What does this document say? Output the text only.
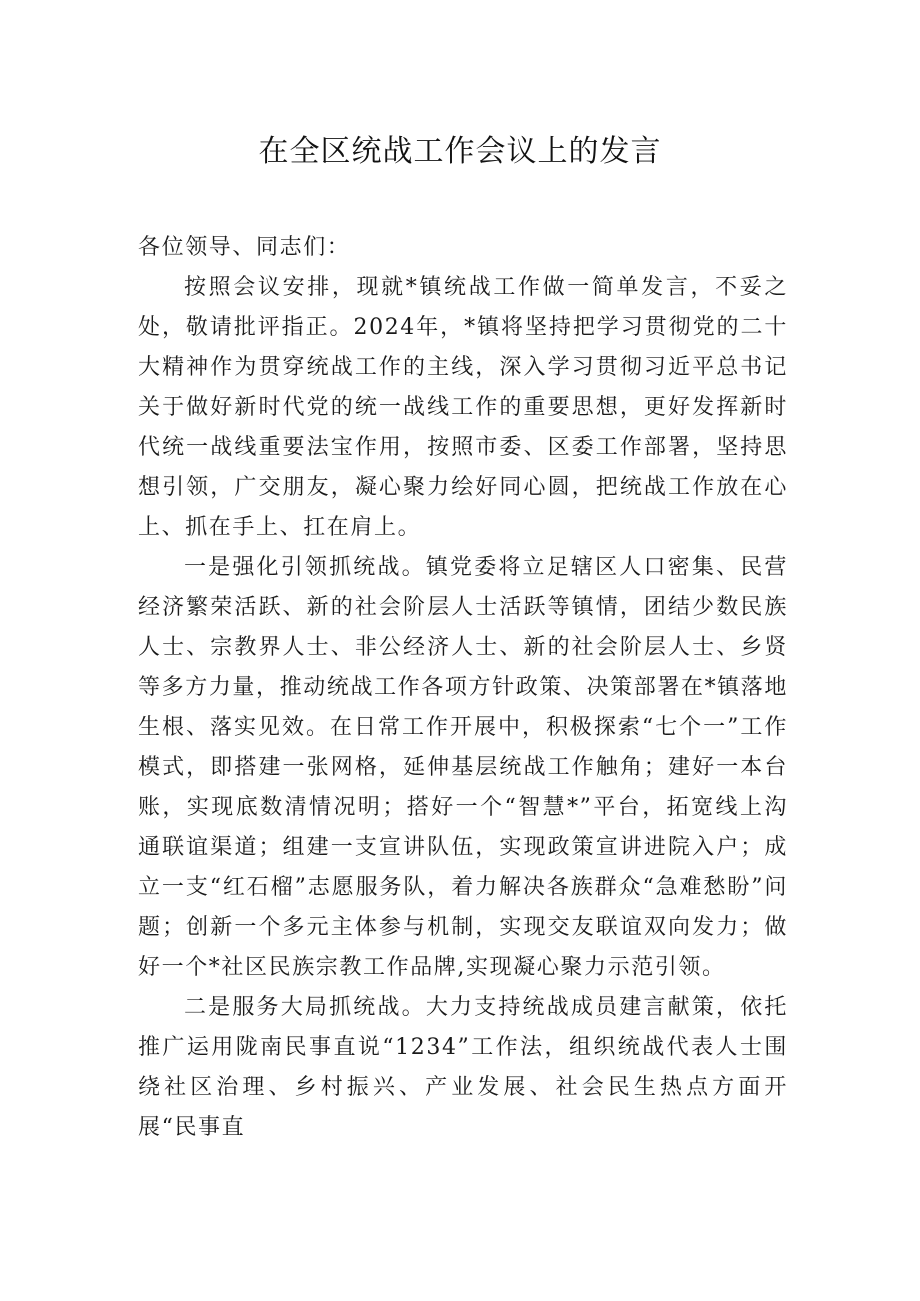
在全区统战工作会议上的发言

各位领导、同志们：

按照会议安排，现就*镇统战工作做一简单发言，不妥之处，敬请批评指正。2024年，*镇将坚持把学习贯彻党的二十大精神作为贯穿统战工作的主线，深入学习贯彻习近平总书记关于做好新时代党的统一战线工作的重要思想，更好发挥新时代统一战线重要法宝作用，按照市委、区委工作部署，坚持思想引领，广交朋友，凝心聚力绘好同心圆，把统战工作放在心上、抓在手上、扛在肩上。

一是强化引领抓统战。镇党委将立足辖区人口密集、民营经济繁荣活跃、新的社会阶层人士活跃等镇情，团结少数民族人士、宗教界人士、非公经济人士、新的社会阶层人士、乡贤等多方力量，推动统战工作各项方针政策、决策部署在*镇落地生根、落实见效。在日常工作开展中，积极探索“七个一”工作模式，即搭建一张网格，延伸基层统战工作触角；建好一本台账，实现底数清情况明；搭好一个“智慧*”平台，拓宽线上沟通联谊渠道；组建一支宣讲队伍，实现政策宣讲进院入户；成立一支“红石榴”志愿服务队，着力解决各族群众“急难愁盼”问题；创新一个多元主体参与机制，实现交友联谊双向发力；做好一个*社区民族宗教工作品牌,实现凝心聚力示范引领。

二是服务大局抓统战。大力支持统战成员建言献策，依托推广运用陇南民事直说“1234”工作法，组织统战代表人士围绕社区治理、乡村振兴、产业发展、社会民生热点方面开展“民事直
